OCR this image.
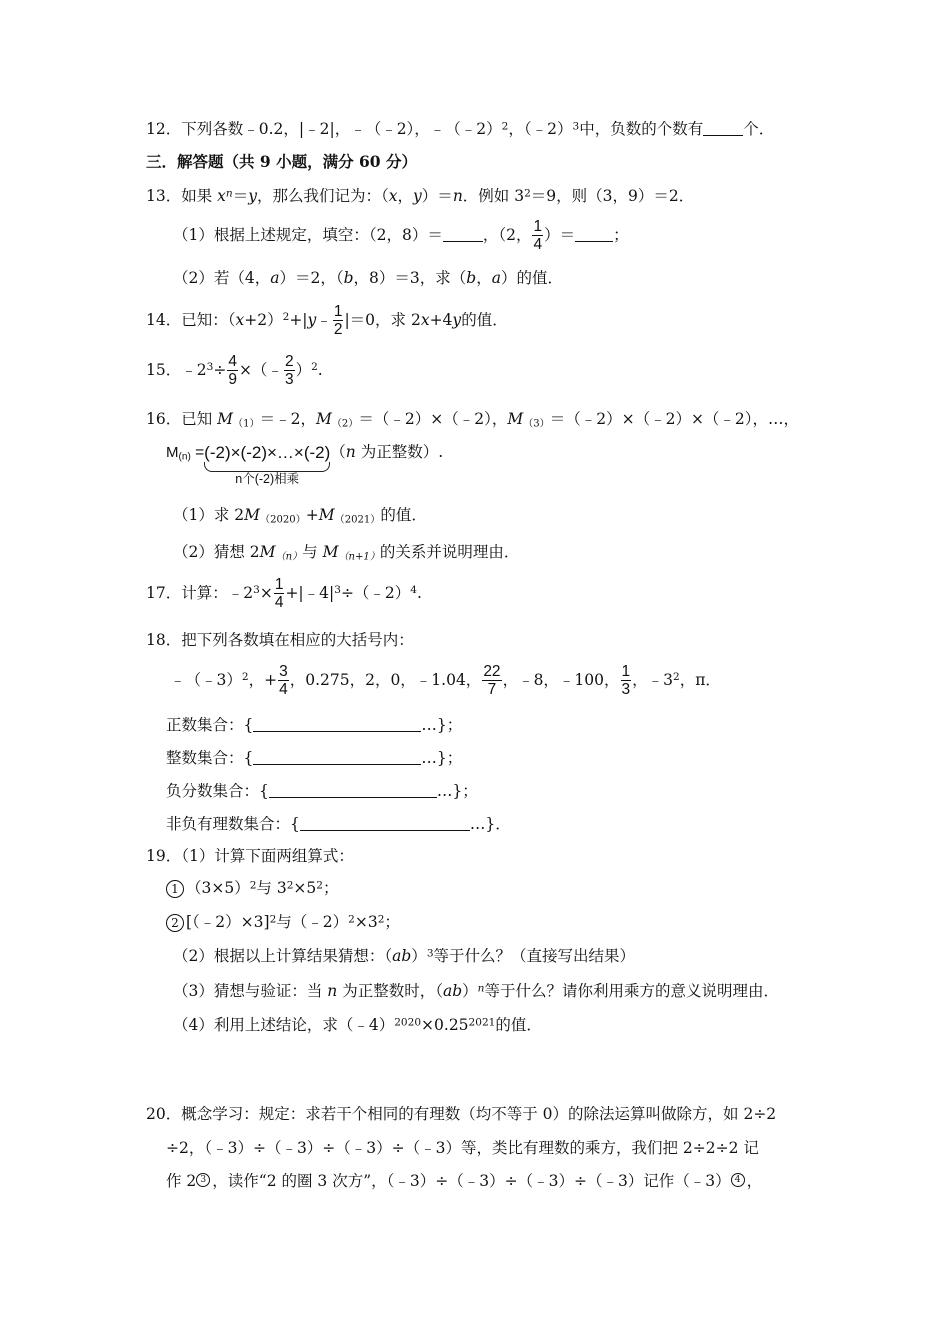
12．下列各数﹣0.2，|﹣2|，﹣（﹣2），﹣（﹣2）$^2$，（﹣2）$^3$中，负数的个数有	个．
三．解答题（共 9 小题，满分 60 分）
13．如果 $x^n=y$，那么我们记为：（x，y）＝n．例如 $3^2=9$，则（3，9）＝2．
（1）根据上述规定，填空：（2，8）＝	，（2， $\frac{1}{4}$ ）＝ ；
（2）若（4，a）＝2，（b，8）＝3，求（b，a）的值．
14．已知：$(x+2)^2+|y﹣ \frac{1}{2} |=0$，求 2x+4y的值．
15．$﹣2^3\div \frac{4}{9}$ ×（﹣ $\frac{2}{3} )^2$.
16．已知 $M_{(1)}=﹣2$，$M_{(2)}=(﹣2)\times(﹣2)$，$M_{(3)}=(﹣2)\times(﹣2)\times(﹣2)$，…，
$M_{(n)}$ =(-2)×(-2)×…×(-2)
n个(-2)相乘
（n 为正整数）.
（1）求 $2M_{(2020)}+M_{(2021)}$的值．
（2）猜想 $2M_{(n)}$与 $M_{(n+1)}$的关系并说明理由．
17．计算：$﹣2^3\times \frac{1}{4}$ $+|﹣4|^3\div(﹣2)^4$.
18．把下列各数填在相应的大括号内：
﹣（﹣3）$^2$，+ $\frac{3}{4}$ ，0.275，2，0，﹣1.04， $\frac{22}{7}$ ，﹣8，﹣100， $\frac{1}{3}$ ，$﹣3^2$，π．
正数集合：{	…}；
整数集合：{	…}；
负分数集合：{	…}；
非负有理数集合：{	…}．
19．（1）计算下面两组算式：
1 $(3\times 5)^2$与 $3^2\times 5^2$；
2 [（﹣2）×3]$^2$与$(﹣2)^2\times 3^2$；
（2）根据以上计算结果猜想：（ab）$^3$等于什么？（直接写出结果）
（3）猜想与验证：当 n 为正整数时，（ab）$^n$等于什么？请你利用乘方的意义说明理由．
（4）利用上述结论，求$(﹣4)^{2020}\times 0.25^{2021}$的值．
20．概念学习：规定：求若干个相同的有理数（均不等于 0）的除法运算叫做除方，如 2÷2
÷2，（﹣3）÷（﹣3）÷（﹣3）÷（﹣3）等，类比有理数的乘方，我们把 2÷2÷2 记
作 2 $^3$ ，读作“2 的圈 3 次方”，（﹣3）÷（﹣3）÷（﹣3）÷（﹣3）记作（﹣3） $^4$ ，
